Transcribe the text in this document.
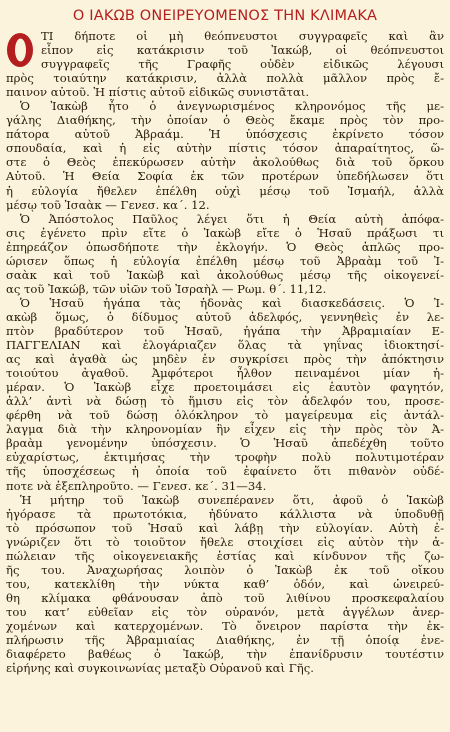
Ο ΙΑΚΩΒ ΟΝΕΙΡΕΥΟΜΕΝΟΣ ΤΗΝ ΚΛΙΜΑΚΑ
ΤΙ δήποτε οἱ μὴ θεόπνευστοι συγγραφεῖς καὶ ἂν
εἶπον εἰς κατάκρισιν τοῦ Ἰακώβ, οἱ θεόπνευστοι
συγγραφεῖς τῆς Γραφῆς οὐδὲν εἰδικῶς λέγουσι
πρὸς τοιαύτην κατάκρισιν, ἀλλὰ πολλὰ μᾶλλον πρὸς ἔ-
παινον αὐτοῦ. Ἡ πίστις αὐτοῦ εἰδικῶς συνιστᾶται.
Ὁ Ἰακὼβ ἦτο ὁ ἀνεγνωρισμένος κληρονόμος τῆς με-
γάλης Διαθήκης, τὴν ὁποίαν ὁ Θεὸς ἔκαμε πρὸς τὸν προ-
πάτορα αὐτοῦ Ἀβραάμ. Ἡ ὑπόσχεσις ἐκρίνετο τόσον
σπουδαία, καὶ ἡ εἰς αὐτὴν πίστις τόσον ἀπαραίτητος, ὥ-
στε ὁ Θεὸς ἐπεκύρωσεν αὐτὴν ἀκολούθως διὰ τοῦ ὅρκου
Αὐτοῦ. Ἡ Θεία Σοφία ἐκ τῶν προτέρων ὑπεδήλωσεν ὅτι
ἡ εὐλογία ἤθελεν ἐπέλθη οὐχὶ μέσῳ τοῦ Ἰσμαήλ, ἀλλὰ
μέσῳ τοῦ Ἰσαὰκ — Γενεσ. κα΄. 12.
Ὁ Ἀπόστολος Παῦλος λέγει ὅτι ἡ Θεία αὐτὴ ἀπόφα-
σις ἐγένετο πρὶν εἴτε ὁ Ἰακὼβ εἴτε ὁ Ἡσαῦ πράξωσι τι
ἐπηρεάζον ὁπωσδήποτε τὴν ἐκλογήν. Ὁ Θεὸς ἁπλῶς προ-
ώρισεν ὅπως ἡ εὐλογία ἐπέλθη μέσῳ τοῦ Ἀβραὰμ τοῦ Ἰ-
σαὰκ καὶ τοῦ Ἰακὼβ καὶ ἀκολούθως μέσῳ τῆς οἰκογενεί-
ας τοῦ Ἰακώβ, τῶν υἱῶν τοῦ Ἰσραὴλ — Ρωμ. θ΄. 11,12.
Ὁ Ἡσαῦ ἠγάπα τὰς ἡδονὰς καὶ διασκεδάσεις. Ὁ Ἰ-
ακὼβ ὅμως, ὁ δίδυμος αὐτοῦ ἀδελφός, γεννηθεὶς ἐν λε-
πτὸν βραδύτερον τοῦ Ἡσαῦ, ἠγάπα τὴν Ἀβραμιαίαν Ε-
ΠΑΓΓΕΛΙΑΝ καὶ ἐλογάριαζεν ὅλας τὰ γηΐνας ἰδιοκτησί-
ας καὶ ἀγαθὰ ὡς μηδὲν ἐν συγκρίσει πρὸς τὴν ἀπόκτησιν
τοιούτου ἀγαθοῦ. Ἀμφότεροι ἦλθον πειναμένοι μίαν ἡ-
μέραν. Ὁ Ἰακὼβ εἶχε προετοιμάσει εἰς ἑαυτὸν φαγητόν,
ἀλλ’ ἀντὶ νὰ δώσῃ τὸ ἥμισυ εἰς τὸν ἀδελφόν του, προσε-
φέρθη νὰ τοῦ δώσῃ ὁλόκληρον τὸ μαγείρευμα εἰς ἀντάλ-
λαγμα διὰ τὴν κληρονομίαν ἣν εἶχεν εἰς τὴν πρὸς τὸν Ἀ-
βραὰμ γενομένην ὑπόσχεσιν. Ὁ Ἡσαῦ ἀπεδέχθη τοῦτο
εὐχαρίστως, ἐκτιμήσας τὴν τροφὴν πολὺ πολυτιμοτέραν
τῆς ὑποσχέσεως ἡ ὁποία τοῦ ἐφαίνετο ὅτι πιθανὸν οὐδέ-
ποτε νὰ ἐξεπληροῦτο. — Γενεσ. κε΄. 31—34.
Ἡ μήτηρ τοῦ Ἰακὼβ συνεπέρανεν ὅτι, ἀφοῦ ὁ Ἰακὼβ
ἠγόρασε τὰ πρωτοτόκια, ἠδύνατο κάλλιστα νὰ ὑποδυθῇ
τὸ πρόσωπον τοῦ Ἡσαῦ καὶ λάβῃ τὴν εὐλογίαν. Αὐτὴ ἐ-
γνώριζεν ὅτι τὸ τοιοῦτον ἤθελε στοιχίσει εἰς αὐτὸν τὴν ἀ-
πώλειαν τῆς οἰκογενειακῆς ἑστίας καὶ κίνδυνον τῆς ζω-
ῆς του. Ἀναχωρήσας λοιπὸν ὁ Ἰακὼβ ἐκ τοῦ οἴκου
του, κατεκλίθη τὴν νύκτα καθ’ ὁδόν, καὶ ὠνειρεύ-
θη κλίμακα φθάνουσαν ἀπὸ τοῦ λιθίνου προσκεφαλαίου
του κατ’ εὐθεῖαν εἰς τὸν οὐρανόν, μετὰ ἀγγέλων ἀνερ-
χομένων καὶ κατερχομένων. Τὸ ὄνειρον παρίστα τὴν ἐκ-
πλήρωσιν τῆς Ἀβραμιαίας Διαθήκης, ἐν τῇ ὁποίᾳ ἐνε-
διαφέρετο βαθέως ὁ Ἰακώβ, τὴν ἐπανίδρυσιν τουτέστιν
εἰρήνης καὶ συγκοινωνίας μεταξὺ Οὐρανοῦ καὶ Γῆς.
